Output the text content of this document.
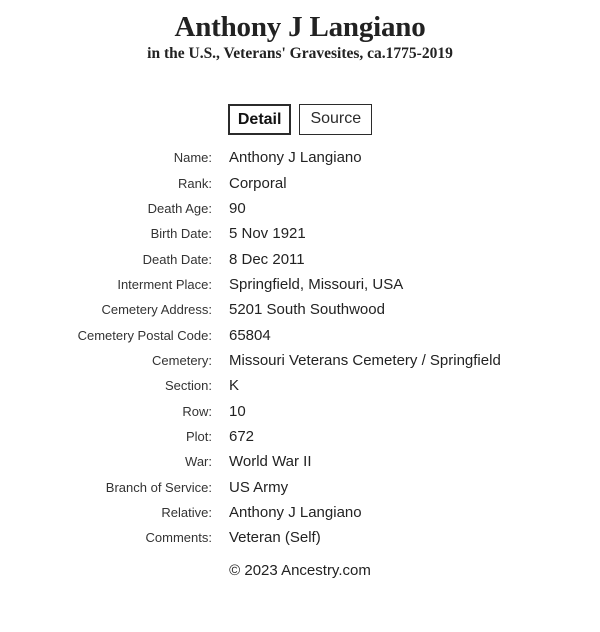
Anthony J Langiano
in the U.S., Veterans' Gravesites, ca.1775-2019
Detail	Source
Name: Anthony J Langiano
Rank: Corporal
Death Age: 90
Birth Date: 5 Nov 1921
Death Date: 8 Dec 2011
Interment Place: Springfield, Missouri, USA
Cemetery Address: 5201 South Southwood
Cemetery Postal Code: 65804
Cemetery: Missouri Veterans Cemetery / Springfield
Section: K
Row: 10
Plot: 672
War: World War II
Branch of Service: US Army
Relative: Anthony J Langiano
Comments: Veteran (Self)
© 2023 Ancestry.com
